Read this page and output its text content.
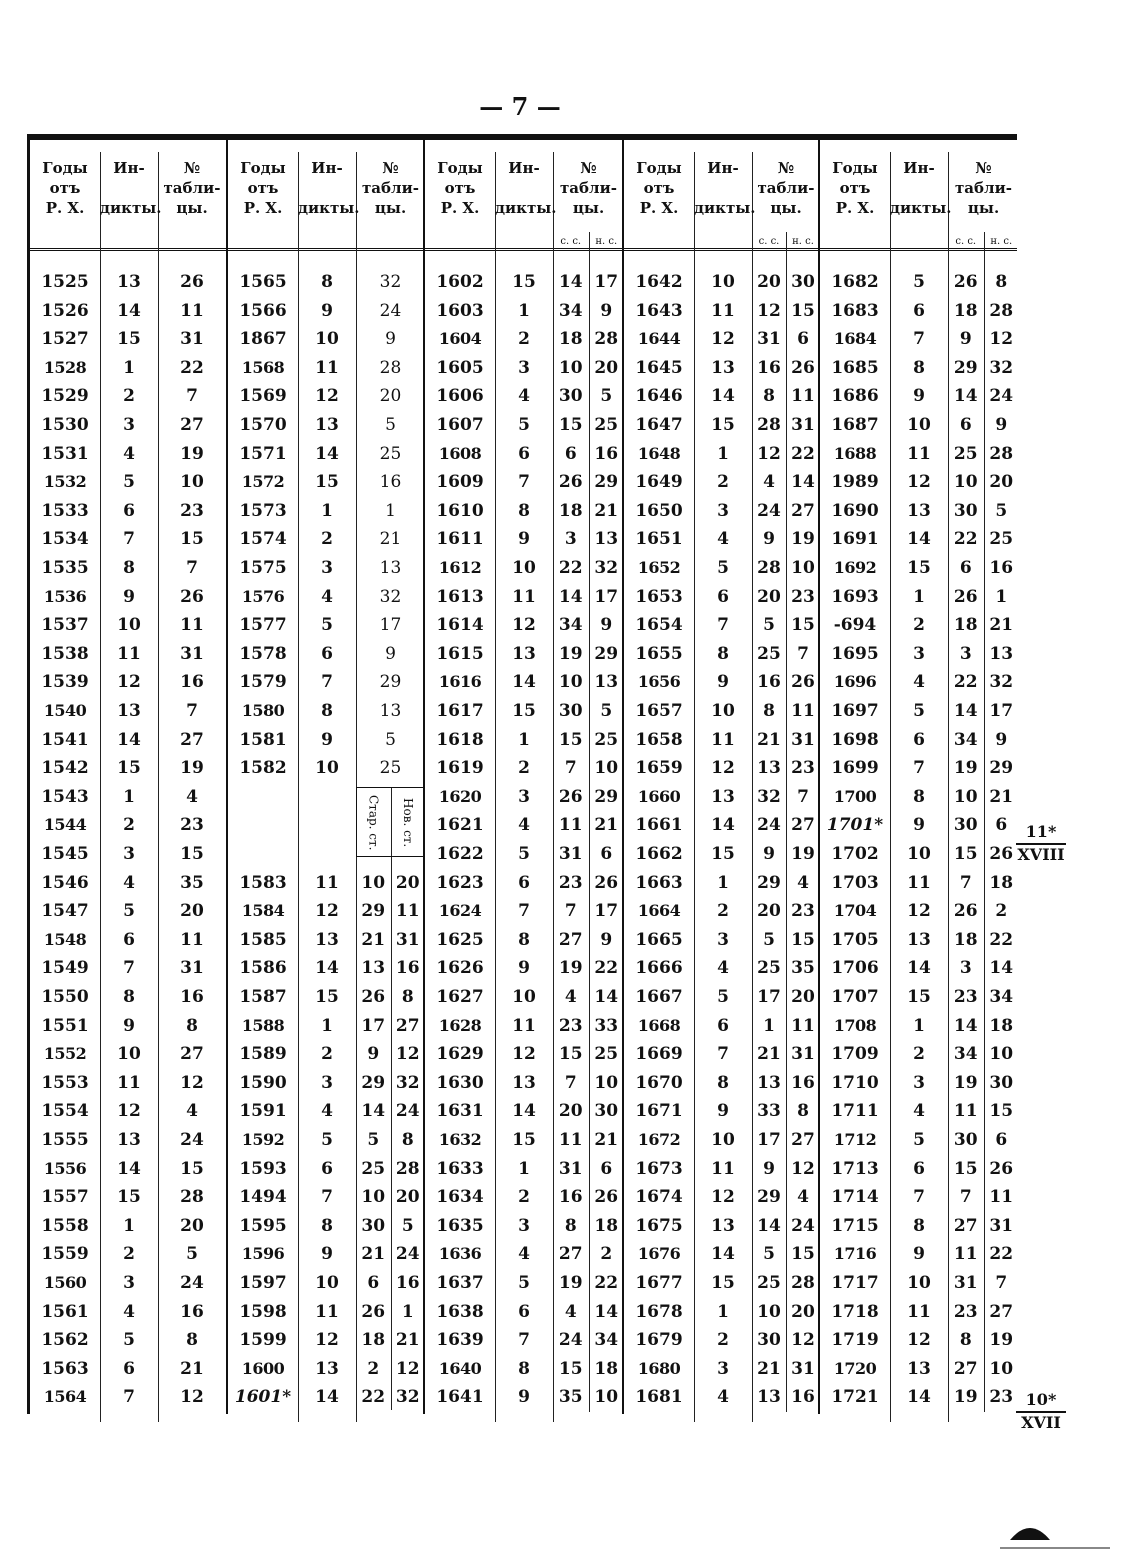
— 7 —
Годы
отъ
Р. Х.
Ин-
дикты.
№
табли-
цы.
1525	13	26
1526	14	11
1527	15	31
1528	1	22
1529	2	7
1530	3	27
1531	4	19
1532	5	10
1533	6	23
1534	7	15
1535	8	7
1536	9	26
1537	10	11
1538	11	31
1539	12	16
1540	13	7
1541	14	27
1542	15	19
1543	1	4
1544	2	23
1545	3	15
1546	4	35
1547	5	20
1548	6	11
1549	7	31
1550	8	16
1551	9	8
1552	10	27
1553	11	12
1554	12	4
1555	13	24
1556	14	15
1557	15	28
1558	1	20
1559	2	5
1560	3	24
1561	4	16
1562	5	8
1563	6	21
1564	7	12
Годы
отъ
Р. Х.
Ин-
дикты.
№
табли-
цы.
1565	8	32
1566	9	24
1867	10	9
1568	11	28
1569	12	20
1570	13	5
1571	14	25
1572	15	16
1573	1	1
1574	2	21
1575	3	13
1576	4	32
1577	5	17
1578	6	9
1579	7	29
1580	8	13
1581	9	5
1582	10	25
Стар. ст. Нов. ст.
1583	11	10 20
1584	12	29 11
1585	13	21 31
1586	14	13 16
1587	15	26 8
1588	1	17 27
1589	2	9 12
1590	3	29 32
1591	4	14 24
1592	5	5	8
1593	6	25 28
1494	7	10 20
1595	8	30 5
1596	9	21 24
1597	10	6 16
1598	11	26 1
1599	12	18 21
1600	13	2 12
1601*	14	22 32
Годы
отъ
Р. Х.
Ин-
дикты.
№
табли-
цы.
с. с.	н. с.
1602	15	14 17
1603	1	34	9
1604	2	18 28
1605	3	10 20
1606	4	30	5
1607	5	15 25
1608	6	6	16
1609	7	26 29
1610	8	18 21
1611	9	3	13
1612	10	22 32
1613	11	14 17
1614	12	34	9
1615	13	19 29
1616	14	10 13
1617	15	30	5
1618	1	15 25
1619	2	7	10
1620	3	26 29
1621	4	11 21
1622	5	31	6
1623	6	23 26
1624	7	7	17
1625	8	27	9
1626	9	19 22
1627	10	4	14
1628	11	23 33
1629	12	15 25
1630	13	7	10
1631	14	20 30
1632	15	11 21
1633	1	31	6
1634	2	16 26
1635	3	8	18
1636	4	27	2
1637	5	19 22
1638	6	4	14
1639	7	24 34
1640	8	15 18
1641	9	35 10
Годы
отъ
Р. Х.
Ин-
дикты.
№
табли-
цы.
с. с.	н. с.
1642	10	20 30
1643	11	12 15
1644	12	31 6
1645	13	16 26
1646	14	8 11
1647	15	28 31
1648	1	12 22
1649	2	4 14
1650	3	24 27
1651	4	9 19
1652	5	28 10
1653	6	20 23
1654	7	5 15
1655	8	25 7
1656	9	16 26
1657	10	8 11
1658	11	21 31
1659	12	13 23
1660	13	32 7
1661	14	24 27
1662	15	9 19
1663	1	29 4
1664	2	20 23
1665	3	5 15
1666	4	25 35
1667	5	17 20
1668	6	1 11
1669	7	21 31
1670	8	13 16
1671	9	33 8
1672	10	17 27
1673	11	9 12
1674	12	29 4
1675	13	14 24
1676	14	5 15
1677	15	25 28
1678	1	10 20
1679	2	30 12
1680	3	21 31
1681	4	13 16
Годы
отъ
Р. Х.
Ин-
дикты.
№
табли-
цы.
с. с.	н. с.
1682	5	26	8
1683	6	18 28
1684	7	9	12
1685	8	29 32
1686	9	14 24
1687	10	6	9
1688	11	25 28
1989	12	10 20
1690	13	30	5
1691	14	22 25
1692	15	6	16
1693	1	26	1
-694	2	18 21
1695	3	3	13
1696	4	22 32
1697	5	14 17
1698	6	34	9
1699	7	19 29
1700	8	10 21
1701*	9	30	6
1702	10	15 26
1703	11	7	18
1704	12	26	2
1705	13	18 22
1706	14	3	14
1707	15	23 34
1708	1	14 18
1709	2	34 10
1710	3	19 30
1711	4	11 15
1712	5	30	6
1713	6	15 26
1714	7	7	11
1715	8	27 31
1716	9	11 22
1717	10	31	7
1718	11	23 27
1719	12	8	19
1720	13	27 10
1721	14	19 23
11*
XVIII
10*
XVII
